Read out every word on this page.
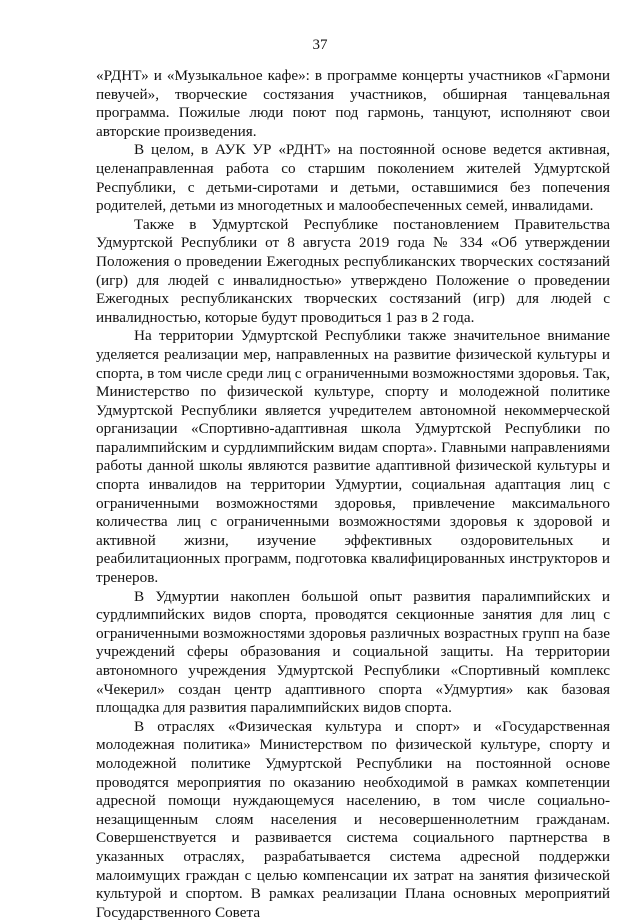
37

«РДНТ» и «Музыкальное кафе»: в программе концерты участников «Гармони певучей», творческие состязания участников, обширная танцевальная программа. Пожилые люди поют под гармонь, танцуют, исполняют свои авторские произведения.

В целом, в АУК УР «РДНТ» на постоянной основе ведется активная, целенаправленная работа со старшим поколением жителей Удмуртской Республики, с детьми-сиротами и детьми, оставшимися без попечения родителей, детьми из многодетных и малообеспеченных семей, инвалидами.

Также в Удмуртской Республике постановлением Правительства Удмуртской Республики от 8 августа 2019 года № 334 «Об утверждении Положения о проведении Ежегодных республиканских творческих состязаний (игр) для людей с инвалидностью» утверждено Положение о проведении Ежегодных республиканских творческих состязаний (игр) для людей с инвалидностью, которые будут проводиться 1 раз в 2 года.

На территории Удмуртской Республики также значительное внимание уделяется реализации мер, направленных на развитие физической культуры и спорта, в том числе среди лиц с ограниченными возможностями здоровья. Так, Министерство по физической культуре, спорту и молодежной политике Удмуртской Республики является учредителем автономной некоммерческой организации «Спортивно-адаптивная школа Удмуртской Республики по паралимпийским и сурдлимпийским видам спорта». Главными направлениями работы данной школы являются развитие адаптивной физической культуры и спорта инвалидов на территории Удмуртии, социальная адаптация лиц с ограниченными возможностями здоровья, привлечение максимального количества лиц с ограниченными возможностями здоровья к здоровой и активной жизни, изучение эффективных оздоровительных и реабилитационных программ, подготовка квалифицированных инструкторов и тренеров.

В Удмуртии накоплен большой опыт развития паралимпийских и сурдлимпийских видов спорта, проводятся секционные занятия для лиц с ограниченными возможностями здоровья различных возрастных групп на базе учреждений сферы образования и социальной защиты. На территории автономного учреждения Удмуртской Республики «Спортивный комплекс «Чекерил» создан центр адаптивного спорта «Удмуртия» как базовая площадка для развития паралимпийских видов спорта.

В отраслях «Физическая культура и спорт» и «Государственная молодежная политика» Министерством по физической культуре, спорту и молодежной политике Удмуртской Республики на постоянной основе проводятся мероприятия по оказанию необходимой в рамках компетенции адресной помощи нуждающемуся населению, в том числе социально-незащищенным слоям населения и несовершеннолетним гражданам. Совершенствуется и развивается система социального партнерства в указанных отраслях, разрабатывается система адресной поддержки малоимущих граждан с целью компенсации их затрат на занятия физической культурой и спортом. В рамках реализации Плана основных мероприятий Государственного Совета
